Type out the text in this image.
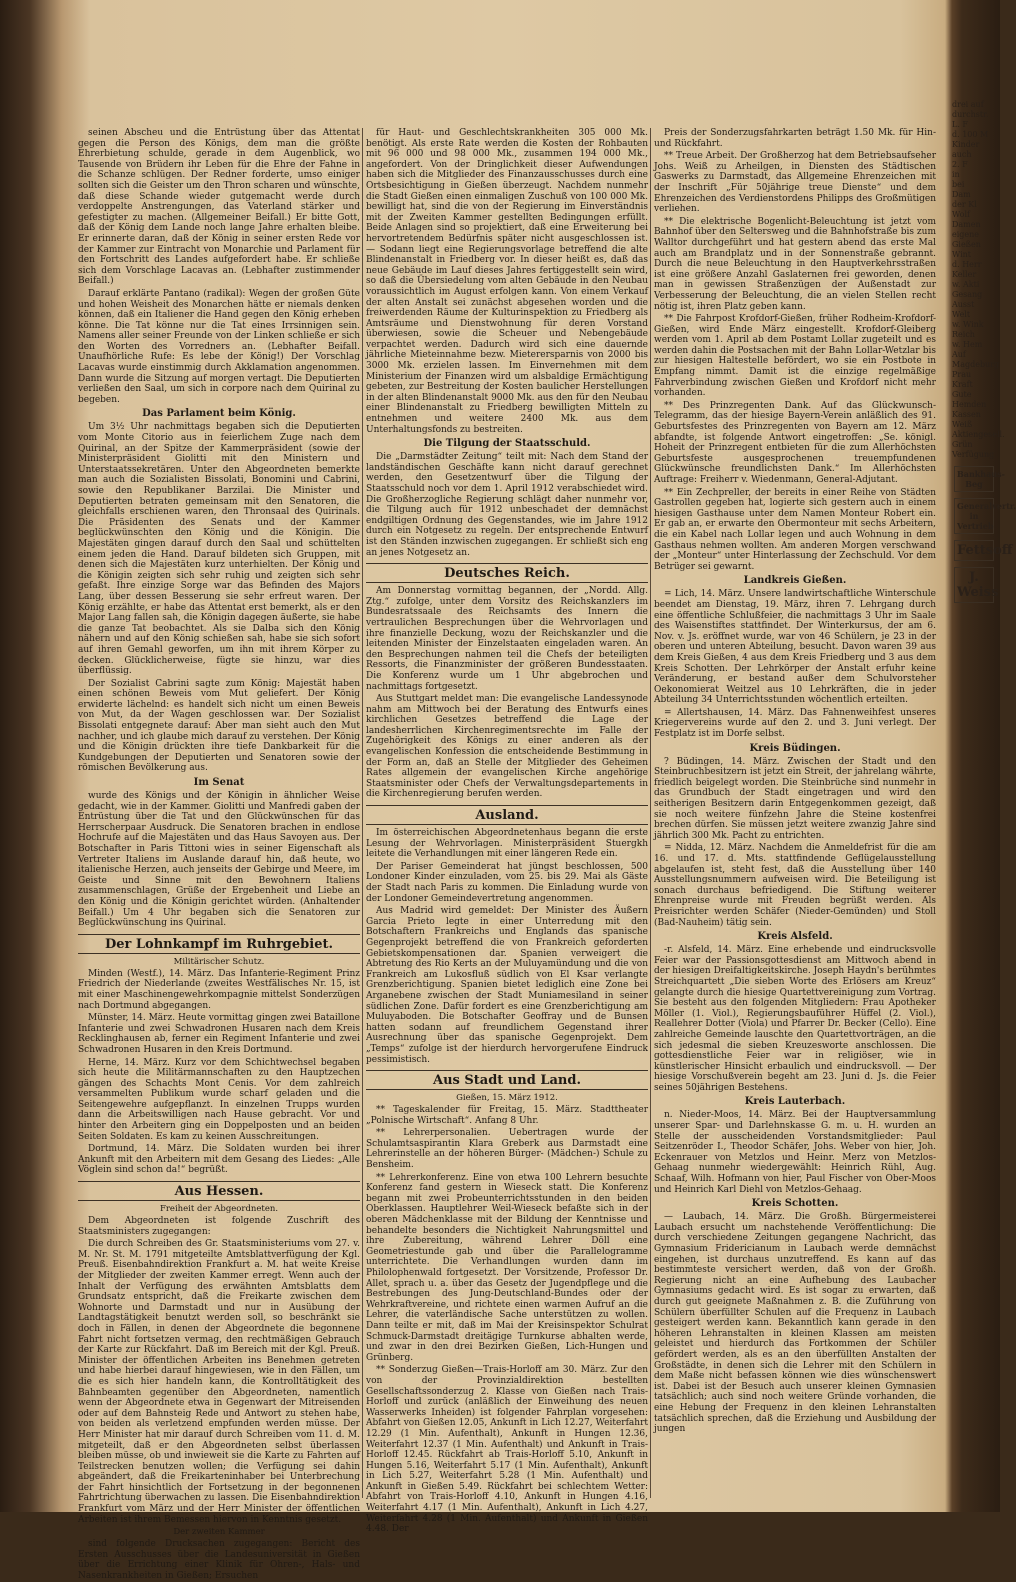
seinen Abscheu und die Entrüstung über das Attentat gegen die Person des Königs, dem man die größte Ehrerbietung schulde, gerade in dem Augenblick, wo Tausende von Brüdern ihr Leben für die Ehre der Fahne in die Schanze schlügen. Der Redner forderte, umso einiger sollten sich die Geister um den Thron scharen und wünschte, daß diese Schande wieder gutgemacht werde durch verdoppelte Anstrengungen, das Vaterland stärker und gefestigter zu machen. (Allgemeiner Beifall.) Er bitte Gott, daß der König dem Lande noch lange Jahre erhalten bleibe. Er erinnerte daran, daß der König in seiner ersten Rede vor der Kammer zur Eintracht von Monarchie und Parlament für den Fortschritt des Landes aufgefordert habe. Er schließe sich dem Vorschlage Lacavas an. (Lebhafter zustimmender Beifall.)

Darauf erklärte Pantano (radikal): Wegen der großen Güte und hohen Weisheit des Monarchen hätte er niemals denken können, daß ein Italiener die Hand gegen den König erheben könne. Die Tat könne nur die Tat eines Irrsinnigen sein. Namens aller seiner Freunde von der Linken schließe er sich den Worten des Vorredners an. (Lebhafter Beifall. Unaufhörliche Rufe: Es lebe der König!) Der Vorschlag Lacavas wurde einstimmig durch Akklamation angenommen. Dann wurde die Sitzung auf morgen vertagt. Die Deputierten verließen den Saal, um sich in corpore nach dem Quirinal zu begeben.

Das Parlament beim König.

Um 3½ Uhr nachmittags begaben sich die Deputierten vom Monte Citorio aus in feierlichem Zuge nach dem Quirinal, an der Spitze der Kammerpräsident (sowie der Ministerpräsident Giolitti mit den Ministern und Unterstaatssekretären. Unter den Abgeordneten bemerkte man auch die Sozialisten Bissolati, Bonomini und Cabrini, sowie den Republikaner Barzilai. Die Minister und Deputierten betraten gemeinsam mit den Senatoren, die gleichfalls erschienen waren, den Thronsaal des Quirinals. Die Präsidenten des Senats und der Kammer beglückwünschten den König und die Königin. Die Majestäten gingen darauf durch den Saal und schüttelten einem jeden die Hand. Darauf bildeten sich Gruppen, mit denen sich die Majestäten kurz unterhielten. Der König und die Königin zeigten sich sehr ruhig und zeigten sich sehr gefaßt. Ihre einzige Sorge war das Befinden des Majors Lang, über dessen Besserung sie sehr erfreut waren. Der König erzählte, er habe das Attentat erst bemerkt, als er den Major Lang fallen sah, die Königin dagegen äußerte, sie habe die ganze Tat beobachtet. Als sie Dalba sich den König nähern und auf den König schießen sah, habe sie sich sofort auf ihren Gemahl geworfen, um ihn mit ihrem Körper zu decken. Glücklicherweise, fügte sie hinzu, war dies überflüssig.

Der Sozialist Cabrini sagte zum König: Majestät haben einen schönen Beweis vom Mut geliefert. Der König erwiderte lächelnd: es handelt sich nicht um einen Beweis von Mut, da der Wagen geschlossen war. Der Sozialist Bissolati entgegnete darauf: Aber man sieht auch den Mut nachher, und ich glaube mich darauf zu verstehen. Der König und die Königin drückten ihre tiefe Dankbarkeit für die Kundgebungen der Deputierten und Senatoren sowie der römischen Bevölkerung aus.

Im Senat

wurde des Königs und der Königin in ähnlicher Weise gedacht, wie in der Kammer. Giolitti und Manfredi gaben der Entrüstung über die Tat und den Glückwünschen für das Herrscherpaar Ausdruck. Die Senatoren brachen in endlose Hochrufe auf die Majestäten und das Haus Savoyen aus. Der Botschafter in Paris Tittoni wies in seiner Eigenschaft als Vertreter Italiens im Auslande darauf hin, daß heute, wo italienische Herzen, auch jenseits der Gebirge und Meere, im Geiste und Sinne mit den Bewohnern Italiens zusammenschlagen, Grüße der Ergebenheit und Liebe an den König und die Königin gerichtet würden. (Anhaltender Beifall.) Um 4 Uhr begaben sich die Senatoren zur Beglückwünschung ins Quirinal.

Der Lohnkampf im Ruhrgebiet.
Militärischer Schutz.

Minden (Westf.), 14. März. Das Infanterie-Regiment Prinz Friedrich der Niederlande (zweites Westfälisches Nr. 15, ist mit einer Maschinengewehrkompagnie mittelst Sonderzügen nach Dortmund abgegangen.

Münster, 14. März. Heute vormittag gingen zwei Bataillone Infanterie und zwei Schwadronen Husaren nach dem Kreis Recklinghausen ab, ferner ein Regiment Infanterie und zwei Schwadronen Husaren in den Kreis Dortmund.

Herne, 14. März. Kurz vor dem Schichtwechsel begaben sich heute die Militärmannschaften zu den Hauptzechen gängen des Schachts Mont Cenis. Vor dem zahlreich versammelten Publikum wurde scharf geladen und die Seitengewehre aufgepflanzt. In einzelnen Trupps wurden dann die Arbeitswilligen nach Hause gebracht. Vor und hinter den Arbeitern ging ein Doppelposten und an beiden Seiten Soldaten. Es kam zu keinen Ausschreitungen.

Dortmund, 14. März. Die Soldaten wurden bei ihrer Ankunft mit den Arbeitern mit dem Gesang des Liedes: „Alle Vöglein sind schon da!“ begrüßt.

Aus Hessen.
Freiheit der Abgeordneten.

Dem Abgeordneten ist folgende Zuschrift des Staatsministers zugegangen:

Die durch Schreiben des Gr. Staatsministeriums vom 27. v. M. Nr. St. M. 1791 mitgeteilte Amtsblattverfügung der Kgl. Preuß. Eisenbahndirektion Frankfurt a. M. hat weite Kreise der Mitglieder der zweiten Kammer erregt. Wenn auch der Inhalt der Verfügung des erwähnten Amtsblatts dem Grundsatz entspricht, daß die Freikarte zwischen dem Wohnorte und Darmstadt und nur in Ausübung der Landtagstätigkeit benutzt werden soll, so beschränkt sie doch in Fällen, in denen der Abgeordnete die begonnene Fahrt nicht fortsetzen vermag, den rechtmäßigen Gebrauch der Karte zur Rückfahrt. Daß im Bereich mit der Kgl. Preuß. Minister der öffentlichen Arbeiten ins Benehmen getreten und habe hierbei darauf hingewiesen, wie in den Fällen, um die es sich hier handeln kann, die Kontrolltätigkeit des Bahnbeamten gegenüber den Abgeordneten, namentlich wenn der Abgeordnete etwa in Gegenwart der Mitreisenden oder auf dem Bahnsteig Rede und Antwort zu stehen habe, von beiden als verletzend empfunden werden müsse. Der Herr Minister hat mir darauf durch Schreiben vom 11. d. M. mitgeteilt, daß er den Abgeordneten selbst überlassen bleiben müsse, ob und inwieweit sie die Karte zu Fahrten auf Teilstrecken benutzen wollen; die Verfügung sei dahin abgeändert, daß die Freikarteninhaber bei Unterbrechung der Fahrt hinsichtlich der Fortsetzung in der begonnenen Fahrtrichtung überwachen zu lassen. Die Eisenbahndirektion Frankfurt vom März und der Herr Minister der öffentlichen Arbeiten ist ihrem Bemessen hiervon in Kenntnis gesetzt.

Der zweiten Kammer

sind folgende Drucksachen zugegangen: Bericht des Ersten Ausschusses über die Landesuniversität in Gießen über die Errichtung einer Klinik für Ohren-, Hals- und Nasenkrankheiten in Gießen; Ersuchen

für Haut- und Geschlechtskrankheiten 305 000 Mk. benötigt. Als erste Rate werden die Kosten der Rohbauten mit 96 000 und 98 000 Mk., zusammen 194 000 Mk., angefordert. Von der Dringlichkeit dieser Aufwendungen haben sich die Mitglieder des Finanzausschusses durch eine Ortsbesichtigung in Gießen überzeugt. Nachdem nunmehr die Stadt Gießen einen einmaligen Zuschuß von 100 000 Mk. bewilligt hat, sind die von der Regierung im Einverständnis mit der Zweiten Kammer gestellten Bedingungen erfüllt. Beide Anlagen sind so projektiert, daß eine Erweiterung bei hervortretendem Bedürfnis später nicht ausgeschlossen ist. — Sodann liegt eine Regierungsvorlage betreffend die alte Blindenanstalt in Friedberg vor. In dieser heißt es, daß das neue Gebäude im Lauf dieses Jahres fertiggestellt sein wird, so daß die Übersiedelung vom alten Gebäude in den Neubau voraussichtlich im August erfolgen kann. Von einem Verkauf der alten Anstalt sei zunächst abgesehen worden und die freiwerdenden Räume der Kulturinspektion zu Friedberg als Amtsräume und Dienstwohnung für deren Vorstand überwiesen, sowie die Scheuer und Nebengebäude verpachtet werden. Dadurch wird sich eine dauernde jährliche Mieteinnahme bezw. Mieterersparnis von 2000 bis 3000 Mk. erzielen lassen. Im Einvernehmen mit dem Ministerium der Finanzen wird um alsbaldige Ermächtigung gebeten, zur Bestreitung der Kosten baulicher Herstellungen in der alten Blindenanstalt 9000 Mk. aus den für den Neubau einer Blindenanstalt zu Friedberg bewilligten Mitteln zu entnehmen und weitere 2400 Mk. aus dem Unterhaltungsfonds zu bestreiten.

Die Tilgung der Staatsschuld.

Die „Darmstädter Zeitung“ teilt mit: Nach dem Stand der landständischen Geschäfte kann nicht darauf gerechnet werden, den Gesetzentwurf über die Tilgung der Staatsschuld noch vor dem 1. April 1912 verabschiedet wird. Die Großherzogliche Regierung schlägt daher nunmehr vor, die Tilgung auch für 1912 unbeschadet der demnächst endgiltigen Ordnung des Gegenstandes, wie im Jahre 1912 durch ein Notgesetz zu regeln. Der entsprechende Entwurf ist den Ständen inzwischen zugegangen. Er schließt sich eng an jenes Notgesetz an.

Deutsches Reich.

Am Donnerstag vormittag begannen, der „Nordd. Allg. Ztg.“ zufolge, unter dem Vorsitz des Reichskanzlers im Bundesratssaale des Reichsamts des Innern die vertraulichen Besprechungen über die Wehrvorlagen und ihre finanzielle Deckung, wozu der Reichskanzler und die leitenden Minister der Einzelstaaten eingeladen waren. An den Besprechungen nahmen teil die Chefs der beteiligten Ressorts, die Finanzminister der größeren Bundesstaaten. Die Konferenz wurde um 1 Uhr abgebrochen und nachmittags fortgesetzt.

Aus Stuttgart meldet man: Die evangelische Landessynode nahm am Mittwoch bei der Beratung des Entwurfs eines kirchlichen Gesetzes betreffend die Lage der landesherrlichen Kirchenregimentsrechte im Falle der Zugehörigkeit des Königs zu einer anderen als der evangelischen Konfession die entscheidende Bestimmung in der Form an, daß an Stelle der Mitglieder des Geheimen Rates allgemein der evangelischen Kirche angehörige Staatsminister oder Chefs der Verwaltungsdepartements in die Kirchenregierung berufen werden.

Ausland.

Im österreichischen Abgeordnetenhaus begann die erste Lesung der Wehrvorlagen. Ministerpräsident Stuergkh leitete die Verhandlungen mit einer längeren Rede ein.

Der Pariser Gemeinderat hat jüngst beschlossen, 500 Londoner Kinder einzuladen, vom 25. bis 29. Mai als Gäste der Stadt nach Paris zu kommen. Die Einladung wurde von der Londoner Gemeindevertretung angenommen.

Aus Madrid wird gemeldet: Der Minister des Äußern Garcia Prieto legte in einer Unterredung mit den Botschaftern Frankreichs und Englands das spanische Gegenprojekt betreffend die von Frankreich geforderten Gebietskompensationen dar. Spanien verweigert die Abtretung des Rio Kerts an der Muluyamündung und die von Frankreich am Lukosfluß südlich von El Ksar verlangte Grenzberichtigung. Spanien bietet lediglich eine Zone bei Arganebene zwischen der Stadt Muniamesiland in seiner südlichen Zone. Dafür fordert es eine Grenzberichtigung am Muluyaboden. Die Botschafter Geoffray und de Bunsen hatten sodann auf freundlichem Gegenstand ihrer Ausrechnung über das spanische Gegenprojekt. Dem „Temps“ zufolge ist der hierdurch hervorgerufene Eindruck pessimistisch.

Aus Stadt und Land.
Gießen, 15. März 1912.

** Tageskalender für Freitag, 15. März. Stadttheater „Polnische Wirtschaft“. Anfang 8 Uhr.

** Lehrerpersonalien. Uebertragen wurde der Schulamtsaspirantin Klara Greberk aus Darmstadt eine Lehrerinstelle an der höheren Bürger- (Mädchen-) Schule zu Bensheim.

** Lehrerkonferenz. Eine von etwa 100 Lehrern besuchte Konferenz fand gestern in Wieseck statt. Die Konferenz begann mit zwei Probeunterrichtsstunden in den beiden Oberklassen. Hauptlehrer Weil-Wieseck befaßte sich in der oberen Mädchenklasse mit der Bildung der Kenntnisse und behandelte besonders die Nichtigkeit Nahrungsmittel und ihre Zubereitung, während Lehrer Döll eine Geometriestunde gab und über die Parallelogramme unterrichtete. Die Verhandlungen wurden dann im Philolophenwald fortgesetzt. Der Vorsitzende, Professor Dr. Allet, sprach u. a. über das Gesetz der Jugendpflege und die Bestrebungen des Jung-Deutschland-Bundes oder der Wehrkraftvereine, und richtete einen warmen Aufruf an die Lehrer, die vaterländische Sache unterstützen zu wollen. Dann teilte er mit, daß im Mai der Kreisinspektor Schulrat Schmuck-Darmstadt dreitägige Turnkurse abhalten werde, und zwar in den drei Bezirken Gießen, Lich-Hungen und Grünberg.

** Sonderzug Gießen—Trais-Horloff am 30. März. Zur den von der Provinzialdirektion bestellten Gesellschaftssonderzug 2. Klasse von Gießen nach Trais-Horloff und zurück (anläßlich der Einweihung des neuen Wasserwerks Inheiden) ist folgender Fahrplan vorgesehen: Abfahrt von Gießen 12.05, Ankunft in Lich 12.27, Weiterfahrt 12.29 (1 Min. Aufenthalt), Ankunft in Hungen 12.36, Weiterfahrt 12.37 (1 Min. Aufenthalt) und Ankunft in Trais-Horloff 12.45. Rückfahrt ab Trais-Horloff 5.10, Ankunft in Hungen 5.16, Weiterfahrt 5.17 (1 Min. Aufenthalt), Ankunft in Lich 5.27, Weiterfahrt 5.28 (1 Min. Aufenthalt) und Ankunft in Gießen 5.49. Rückfahrt bei schlechtem Wetter: Abfahrt von Trais-Horloff 4.10, Ankunft in Hungen 4.16, Weiterfahrt 4.17 (1 Min. Aufenthalt), Ankunft in Lich 4.27, Weiterfahrt 4.28 (1 Min. Aufenthalt) und Ankunft in Gießen 4.48. Der

Preis der Sonderzugsfahrkarten beträgt 1.50 Mk. für Hin- und Rückfahrt.

** Treue Arbeit. Der Großherzog hat dem Betriebsaufseher Johs. Weiß zu Arheilgen, in Diensten des Städtischen Gaswerks zu Darmstadt, das Allgemeine Ehrenzeichen mit der Inschrift „Für 50jährige treue Dienste“ und dem Ehrenzeichen des Verdienstordens Philipps des Großmütigen verliehen.

** Die elektrische Bogenlicht-Beleuchtung ist jetzt vom Bahnhof über den Seltersweg und die Bahnhofstraße bis zum Walltor durchgeführt und hat gestern abend das erste Mal auch am Brandplatz und in der Sonnenstraße gebrannt. Durch die neue Beleuchtung in den Hauptverkehrsstraßen ist eine größere Anzahl Gaslaternen frei geworden, denen man in gewissen Straßenzügen der Außenstadt zur Verbesserung der Beleuchtung, die an vielen Stellen recht nötig ist, ihren Platz geben kann.

** Die Fahrpost Krofdorf-Gießen, früher Rodheim-Krofdorf-Gießen, wird Ende März eingestellt. Krofdorf-Gleiberg werden vom 1. April ab dem Postamt Lollar zugeteilt und es werden dahin die Postsachen mit der Bahn Lollar-Wetzlar bis zur hiesigen Haltestelle befördert, wo sie ein Postbote in Empfang nimmt. Damit ist die einzige regelmäßige Fahrverbindung zwischen Gießen und Krofdorf nicht mehr vorhanden.

** Des Prinzregenten Dank. Auf das Glückwunsch-Telegramm, das der hiesige Bayern-Verein anläßlich des 91. Geburtsfestes des Prinzregenten von Bayern am 12. März abfandte, ist folgende Antwort eingetroffen: „Se. königl. Hoheit der Prinzregent entbieten für die zum Allerhöchsten Geburtsfeste ausgesprochenen treuempfundenen Glückwünsche freundlichsten Dank.“ Im Allerhöchsten Auftrage: Freiherr v. Wiedenmann, General-Adjutant.

** Ein Zechpreller, der bereits in einer Reihe von Städten Gastrollen gegeben hat, logierte sich gestern auch in einem hiesigen Gasthause unter dem Namen Monteur Robert ein. Er gab an, er erwarte den Obermonteur mit sechs Arbeitern, die ein Kabel nach Lollar legen und auch Wohnung in dem Gasthaus nehmen wollten. Am anderen Morgen verschwand der „Monteur“ unter Hinterlassung der Zechschuld. Vor dem Betrüger sei gewarnt.

Landkreis Gießen.

= Lich, 14. März. Unsere landwirtschaftliche Winterschule beendet am Dienstag, 19. März, ihren 7. Lehrgang durch eine öffentliche Schlußfeier, die nachmittags 3 Uhr im Saale des Waisenstiftes stattfindet. Der Winterkursus, der am 6. Nov. v. Js. eröffnet wurde, war von 46 Schülern, je 23 in der oberen und unteren Abteilung, besucht. Davon waren 39 aus dem Kreis Gießen, 4 aus dem Kreis Friedberg und 3 aus dem Kreis Schotten. Der Lehrkörper der Anstalt erfuhr keine Veränderung, er bestand außer dem Schulvorsteher Oekonomierat Weitzel aus 10 Lehrkräften, die in jeder Abteilung 34 Unterrichtsstunden wöchentlich erteilten.

= Allertshausen, 14. März. Das Fahnenweihfest unseres Kriegervereins wurde auf den 2. und 3. Juni verlegt. Der Festplatz ist im Dorfe selbst.

Kreis Büdingen.

? Büdingen, 14. März. Zwischen der Stadt und den Steinbruchbesitzern ist jetzt ein Streit, der jahrelang währte, friedlich beigelegt worden. Die Steinbrüche sind nunmehr in das Grundbuch der Stadt eingetragen und wird den seitherigen Besitzern darin Entgegenkommen gezeigt, daß sie noch weitere fünfzehn Jahre die Steine kostenfrei brechen dürfen. Sie müssen jetzt weitere zwanzig Jahre sind jährlich 300 Mk. Pacht zu entrichten.

= Nidda, 12. März. Nachdem die Anmeldefrist für die am 16. und 17. d. Mts. stattfindende Geflügelausstellung abgelaufen ist, steht fest, daß die Ausstellung über 140 Ausstellungsnummern aufweisen wird. Die Beteiligung ist sonach durchaus befriedigend. Die Stiftung weiterer Ehrenpreise wurde mit Freuden begrüßt werden. Als Preisrichter werden Schäfer (Nieder-Gemünden) und Stoll (Bad-Nauheim) tätig sein.

Kreis Alsfeld.

-r. Alsfeld, 14. März. Eine erhebende und eindrucksvolle Feier war der Passionsgottesdienst am Mittwoch abend in der hiesigen Dreifaltigkeitskirche. Joseph Haydn's berühmtes Streichquartett „Die sieben Worte des Erlösers am Kreuz“ gelangte durch die hiesige Quartettvereinigung zum Vortrag. Sie besteht aus den folgenden Mitgliedern: Frau Apotheker Möller (1. Viol.), Regierungsbauführer Hüffel (2. Viol.), Reallehrer Dotter (Viola) und Pfarrer Dr. Becker (Cello). Eine zahlreiche Gemeinde lauschte den Quartettvorträgen, an die sich jedesmal die sieben Kreuzesworte anschlossen. Die gottesdienstliche Feier war in religiöser, wie in künstlerischer Hinsicht erbaulich und eindrucksvoll. — Der hiesige Vorschußverein begeht am 23. Juni d. Js. die Feier seines 50jährigen Bestehens.

Kreis Lauterbach.

n. Nieder-Moos, 14. März. Bei der Hauptversammlung unserer Spar- und Darlehnskasse G. m. u. H. wurden an Stelle der ausscheidenden Vorstandsmitglieder: Paul Seitzenröder I., Theodor Schäfer, Johs. Weber von hier, Joh. Eckenrauer von Metzlos und Heinr. Merz von Metzlos-Gehaag nunmehr wiedergewählt: Heinrich Rühl, Aug. Schaaf, Wilh. Hofmann von hier, Paul Fischer von Ober-Moos und Heinrich Karl Diehl von Metzlos-Gehaag.

Kreis Schotten.

— Laubach, 14. März. Die Großh. Bürgermeisterei Laubach ersucht um nachstehende Veröffentlichung: Die durch verschiedene Zeitungen gegangene Nachricht, das Gymnasium Fridericianum in Laubach werde demnächst eingehen, ist durchaus unzutreffend. Es kann auf das bestimmteste versichert werden, daß von der Großh. Regierung nicht an eine Aufhebung des Laubacher Gymnasiums gedacht wird. Es ist sogar zu erwarten, daß durch gut geeignete Maßnahmen z. B. die Zuführung von Schülern überfüllter Schulen auf die Frequenz in Laubach gesteigert werden kann. Bekanntlich kann gerade in den höheren Lehranstalten in kleinen Klassen am meisten geleistet und hierdurch das Fortkommen der Schüler gefördert werden, als es an den überfüllten Anstalten der Großstädte, in denen sich die Lehrer mit den Schülern in dem Maße nicht befassen können wie dies wünschenswert ist. Dabei ist der Besuch auch unserer kleinen Gymnasien tatsächlich; auch sind noch weitere Gründe vorhanden, die eine Hebung der Frequenz in den kleinen Lehranstalten tatsächlich sprechen, daß die Erziehung und Ausbildung der jungen

drei auf
durchstr.
L. F
d. 100 M
Kinder
auch
2. F
in
bei
Dam
der Kl
Wolf
Damen
eigene
Gießen
Wint
d. Herr
Keller
w. Akti
Gesang
Ausst
Welt
w. Wink
Reich
w. Hem
Auf
Magdeburg
Prau
Kraft
Gute
Hemden
Kassen
Weiß
Aktiengesell.
Grün
Verfügung
Bankhaus-Beg
Generalvertr. in Vertrieb
Fettsoff
J. Weiss
